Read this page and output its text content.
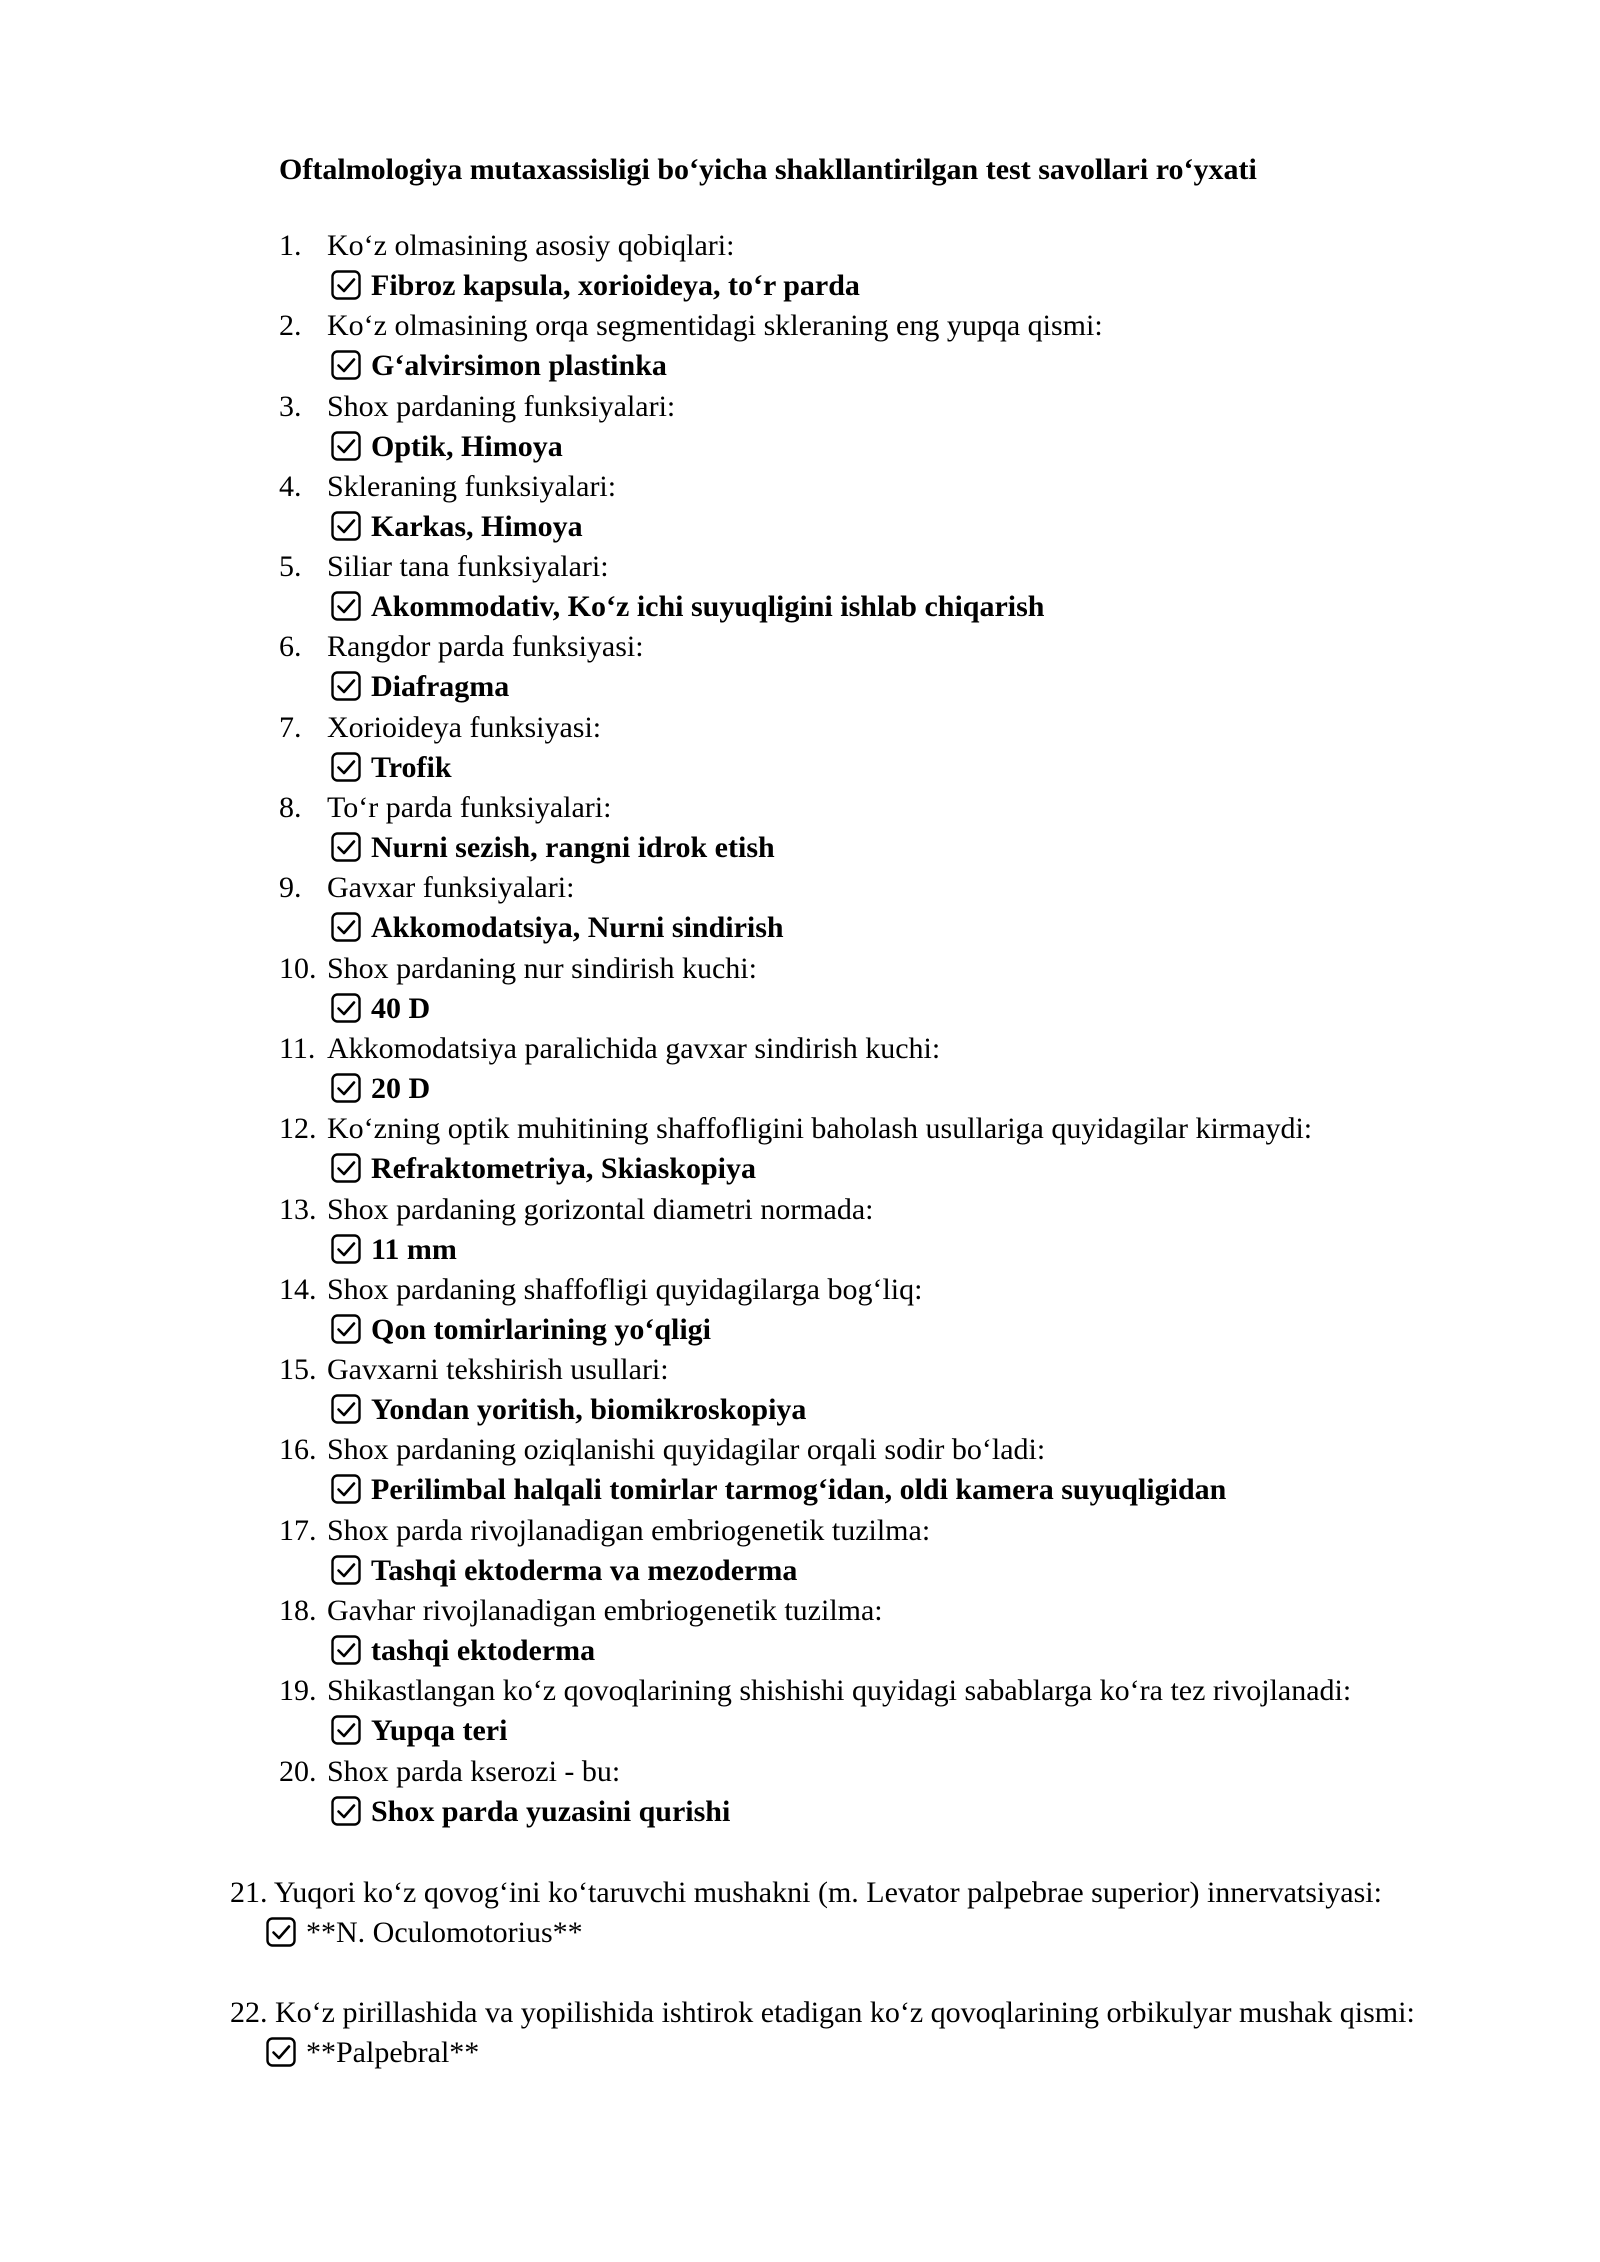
Oftalmologiya mutaxassisligi bo‘yicha shakllantirilgan test savollari ro‘yxati
1. Ko‘z olmasining asosiy qobiqlari:
Fibroz kapsula, xorioideya, to‘r parda
2. Ko‘z olmasining orqa segmentidagi skleraning eng yupqa qismi:
G‘alvirsimon plastinka
3. Shox pardaning funksiyalari:
Optik, Himoya
4. Skleraning funksiyalari:
Karkas, Himoya
5. Siliar tana funksiyalari:
Akommodativ, Ko‘z ichi suyuqligini ishlab chiqarish
6. Rangdor parda funksiyasi:
Diafragma
7. Xorioideya funksiyasi:
Trofik
8. To‘r parda funksiyalari:
Nurni sezish, rangni idrok etish
9. Gavxar funksiyalari:
Akkomodatsiya, Nurni sindirish
10. Shox pardaning nur sindirish kuchi:
40 D
11. Akkomodatsiya paralichida gavxar sindirish kuchi:
20 D
12. Ko‘zning optik muhitining shaffofligini baholash usullariga quyidagilar kirmaydi:
Refraktometriya, Skiaskopiya
13. Shox pardaning gorizontal diametri normada:
11 mm
14. Shox pardaning shaffofligi quyidagilarga bog‘liq:
Qon tomirlarining yo‘qligi
15. Gavxarni tekshirish usullari:
Yondan yoritish, biomikroskopiya
16. Shox pardaning oziqlanishi quyidagilar orqali sodir bo‘ladi:
Perilimbal halqali tomirlar tarmog‘idan, oldi kamera suyuqligidan
17. Shox parda rivojlanadigan embriogenetik tuzilma:
Tashqi ektoderma va mezoderma
18. Gavhar rivojlanadigan embriogenetik tuzilma:
tashqi ektoderma
19. Shikastlangan ko‘z qovoqlarining shishishi quyidagi sabablarga ko‘ra tez rivojlanadi:
Yupqa teri
20. Shox parda kserozi - bu:
Shox parda yuzasini qurishi
21. Yuqori ko‘z qovog‘ini ko‘taruvchi mushakni (m. Levator palpebrae superior) innervatsiyasi:
**N. Oculomotorius**
22. Ko‘z pirillashida va yopilishida ishtirok etadigan ko‘z qovoqlarining orbikulyar mushak qismi:
**Palpebral**
